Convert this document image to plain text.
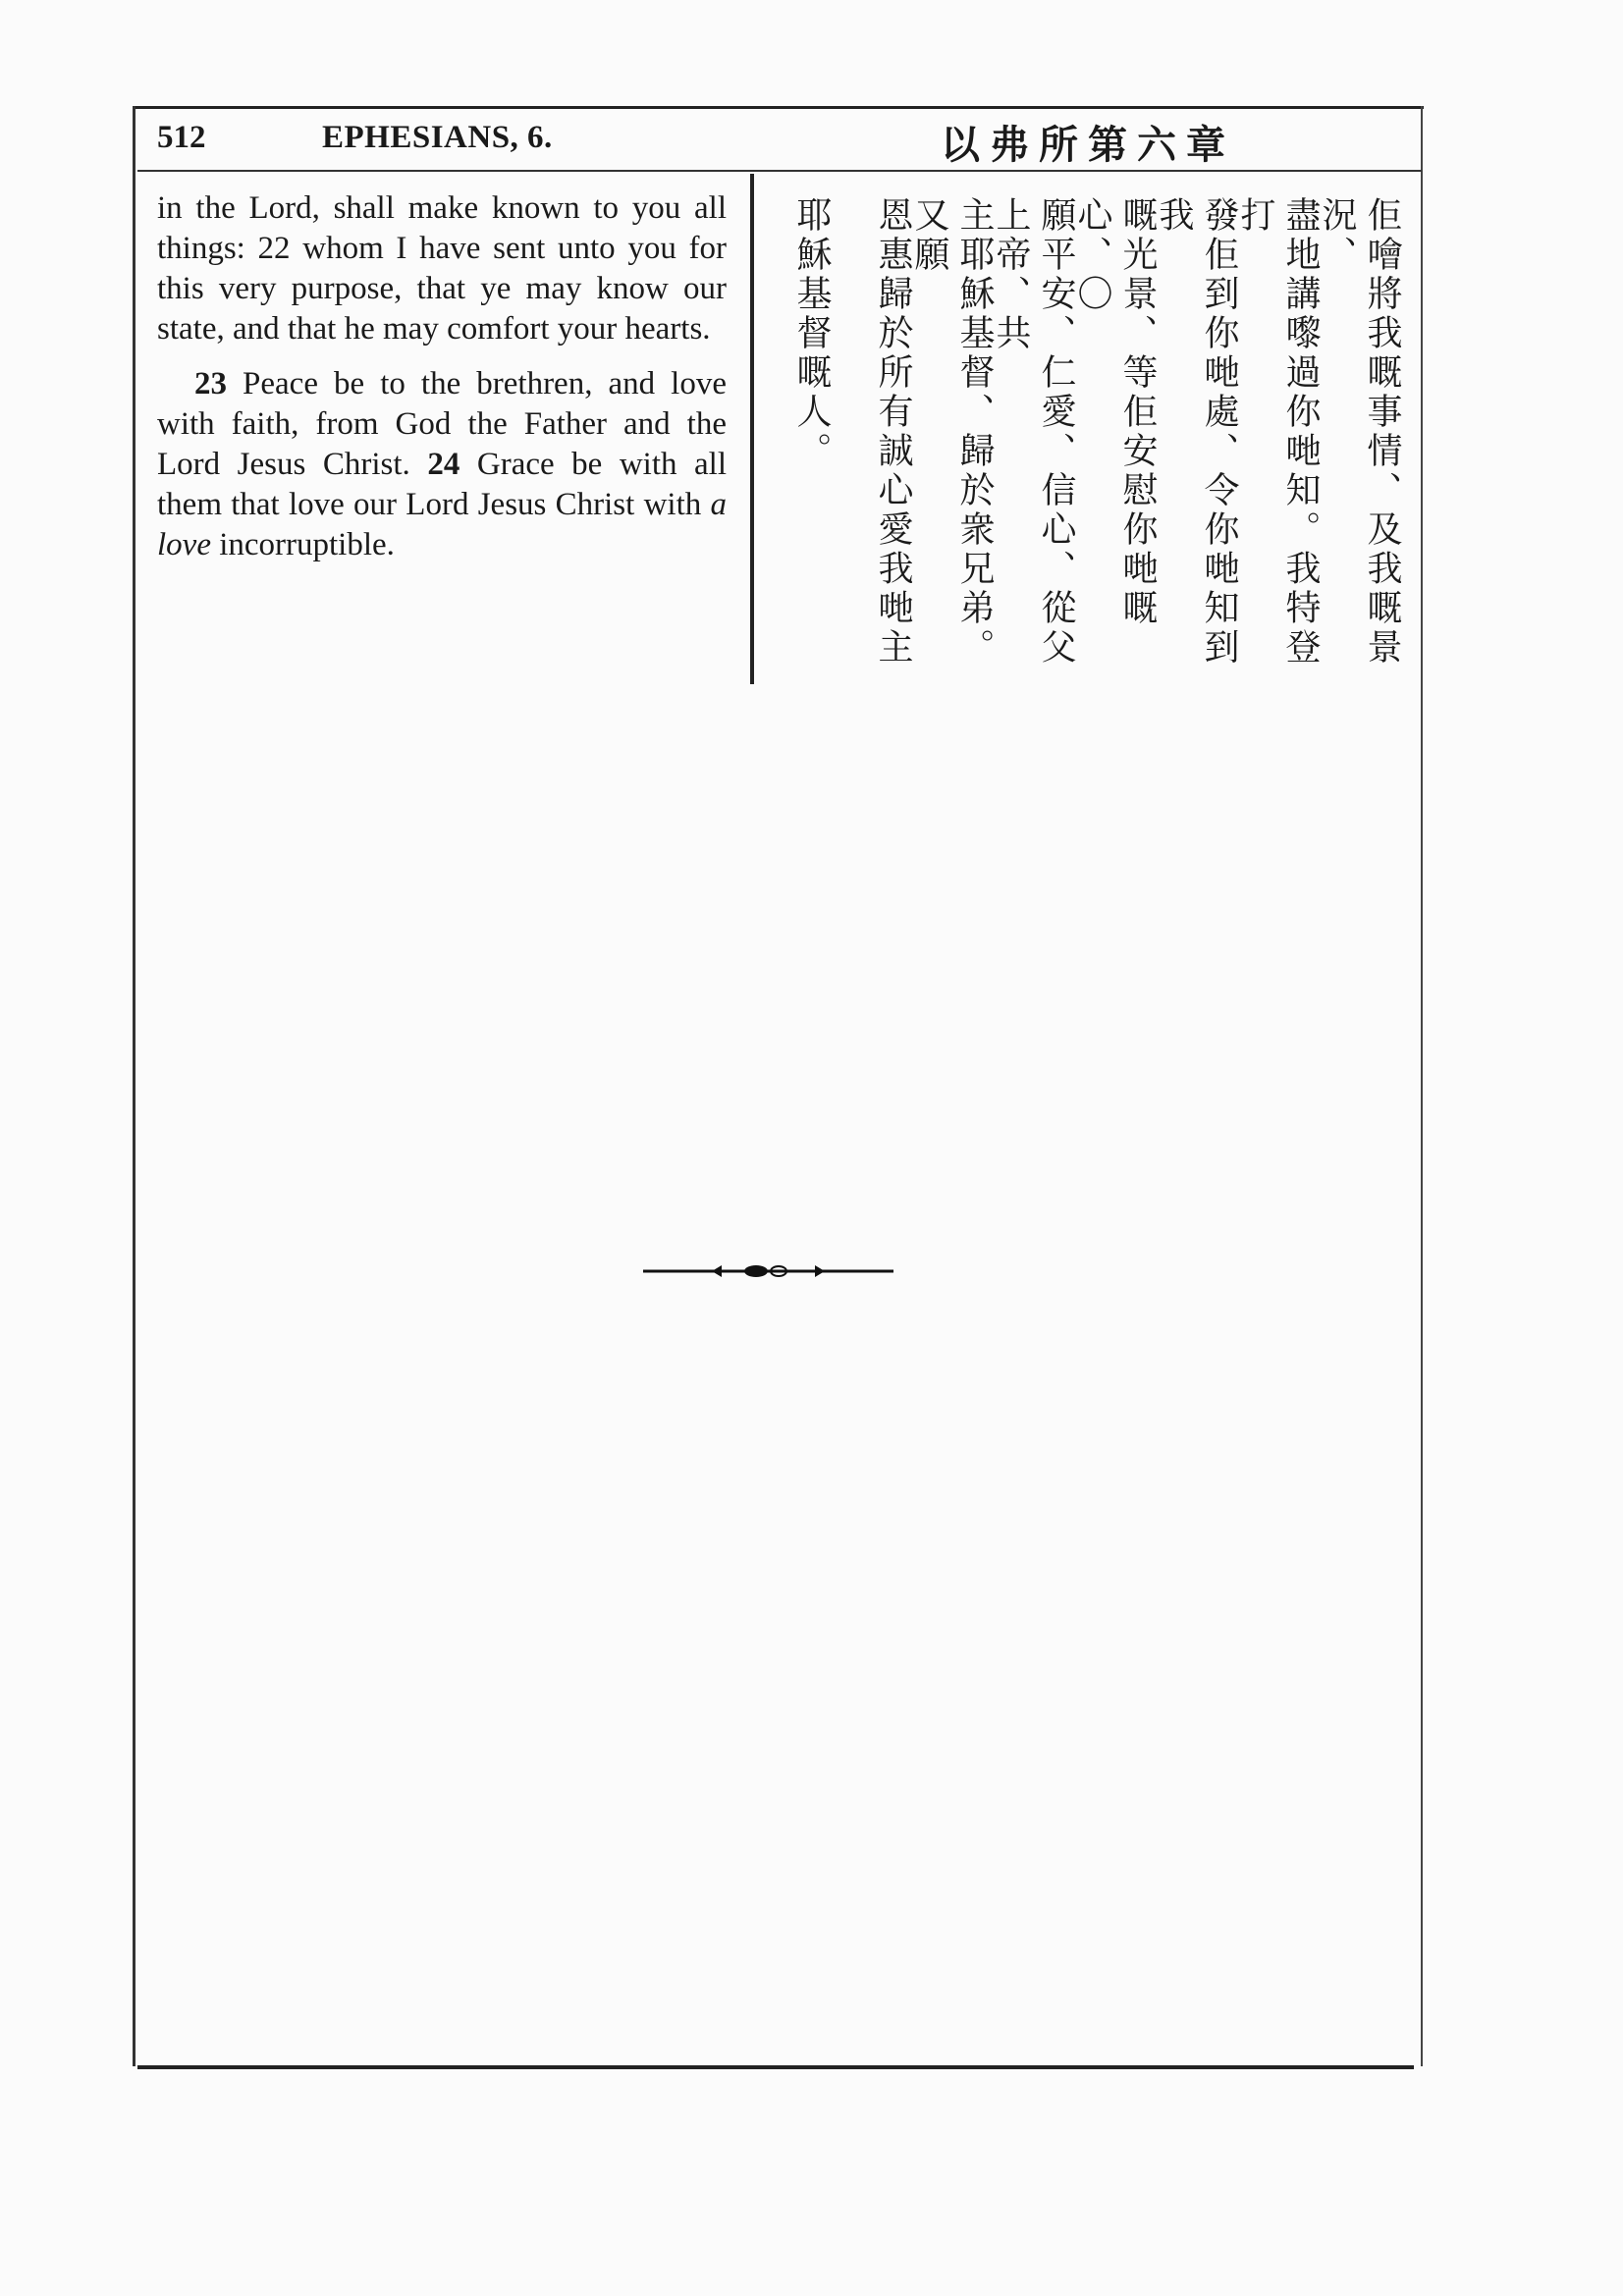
512	EPHESIANS, 6.	以弗所第六章

in the Lord, shall make known to you all things: 22 whom I have sent unto you for this very purpose, that ye may know our state, and that he may comfort your hearts.

23 Peace be to the brethren, and love with faith, from God the Father and the Lord Jesus Christ. 24 Grace be with all them that love our Lord Jesus Christ with a love incorruptible.	佢噲將我嘅事情、及我嘅景況、
盡地講嚟過你哋知。我特登打
發佢到你哋處、令你哋知到我
嘅光景、等佢安慰你哋嘅心、〇
願平安、仁愛、信心、從父上帝、共
主耶穌基督、歸於衆兄弟。又願
恩惠歸於所有誠心愛我哋主
耶穌基督嘅人。
